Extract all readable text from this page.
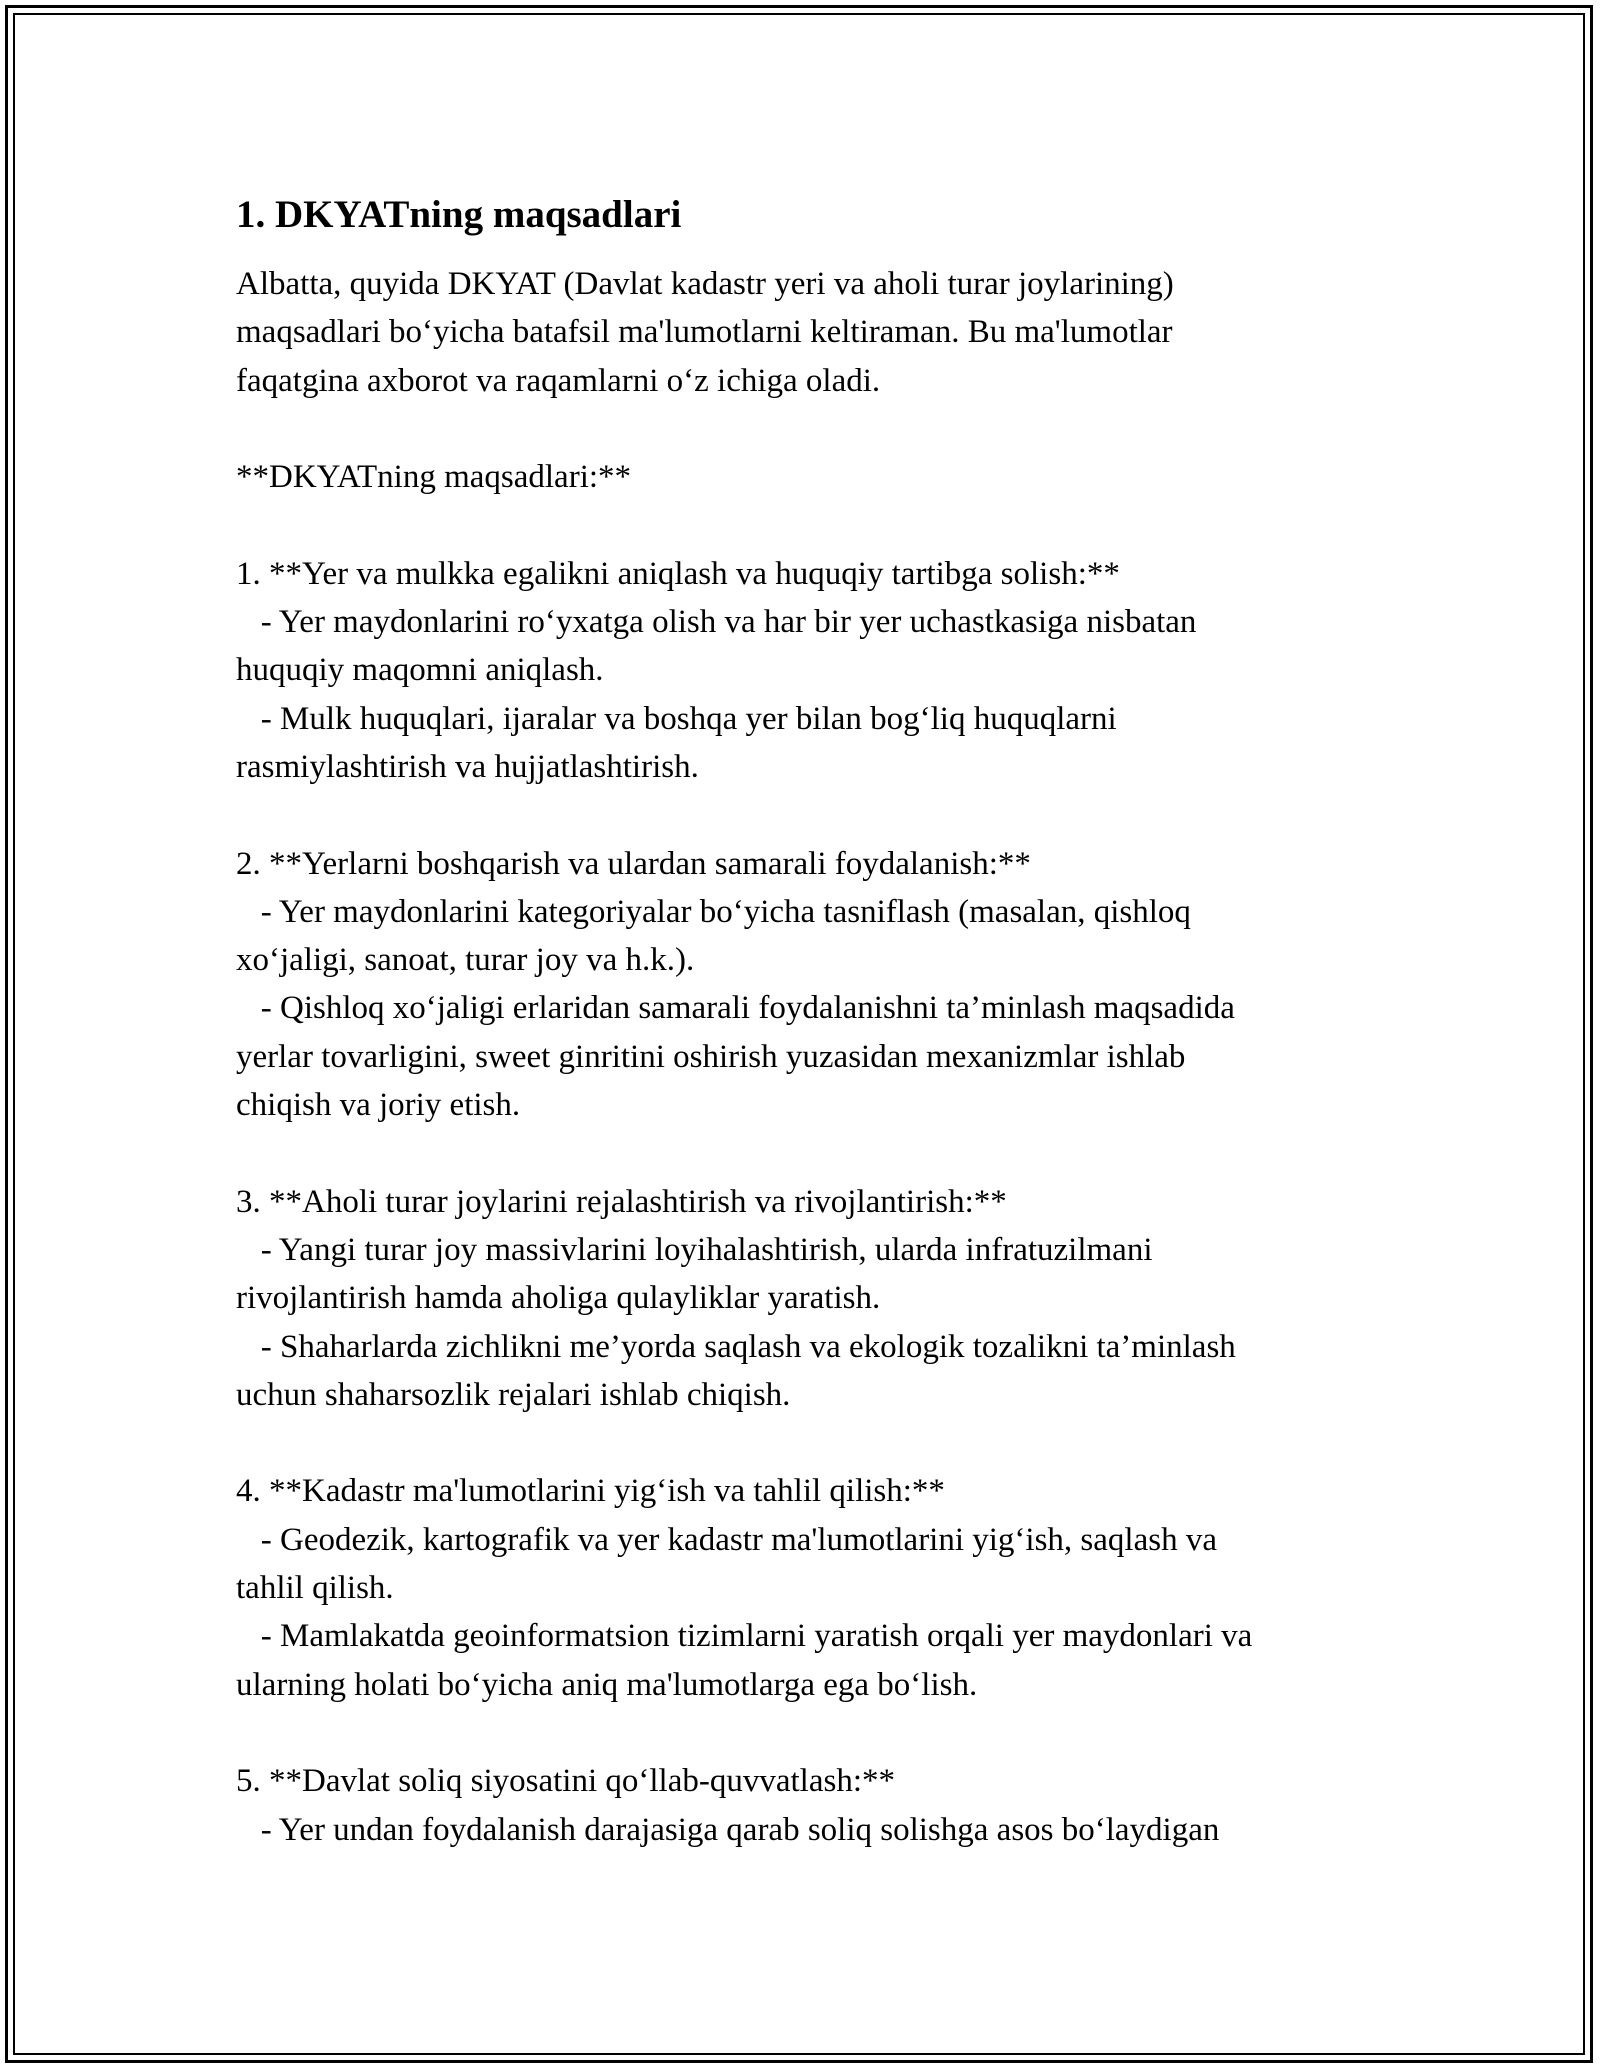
1. DKYATning maqsadlari

Albatta, quyida DKYAT (Davlat kadastr yeri va aholi turar joylarining)
maqsadlari bo‘yicha batafsil ma'lumotlarni keltiraman. Bu ma'lumotlar
faqatgina axborot va raqamlarni o‘z ichiga oladi.

**DKYATning maqsadlari:**

1. **Yer va mulkka egalikni aniqlash va huquqiy tartibga solish:**
- Yer maydonlarini ro‘yxatga olish va har bir yer uchastkasiga nisbatan
huquqiy maqomni aniqlash.
- Mulk huquqlari, ijaralar va boshqa yer bilan bog‘liq huquqlarni
rasmiylashtirish va hujjatlashtirish.

2. **Yerlarni boshqarish va ulardan samarali foydalanish:**
- Yer maydonlarini kategoriyalar bo‘yicha tasniflash (masalan, qishloq
xo‘jaligi, sanoat, turar joy va h.k.).
- Qishloq xo‘jaligi erlaridan samarali foydalanishni ta’minlash maqsadida
yerlar tovarligini, sweet ginritini oshirish yuzasidan mexanizmlar ishlab
chiqish va joriy etish.

3. **Aholi turar joylarini rejalashtirish va rivojlantirish:**
- Yangi turar joy massivlarini loyihalashtirish, ularda infratuzilmani
rivojlantirish hamda aholiga qulayliklar yaratish.
- Shaharlarda zichlikni me’yorda saqlash va ekologik tozalikni ta’minlash
uchun shaharsozlik rejalari ishlab chiqish.

4. **Kadastr ma'lumotlarini yig‘ish va tahlil qilish:**
- Geodezik, kartografik va yer kadastr ma'lumotlarini yig‘ish, saqlash va
tahlil qilish.
- Mamlakatda geoinformatsion tizimlarni yaratish orqali yer maydonlari va
ularning holati bo‘yicha aniq ma'lumotlarga ega bo‘lish.

5. **Davlat soliq siyosatini qo‘llab-quvvatlash:**
- Yer undan foydalanish darajasiga qarab soliq solishga asos bo‘laydigan
